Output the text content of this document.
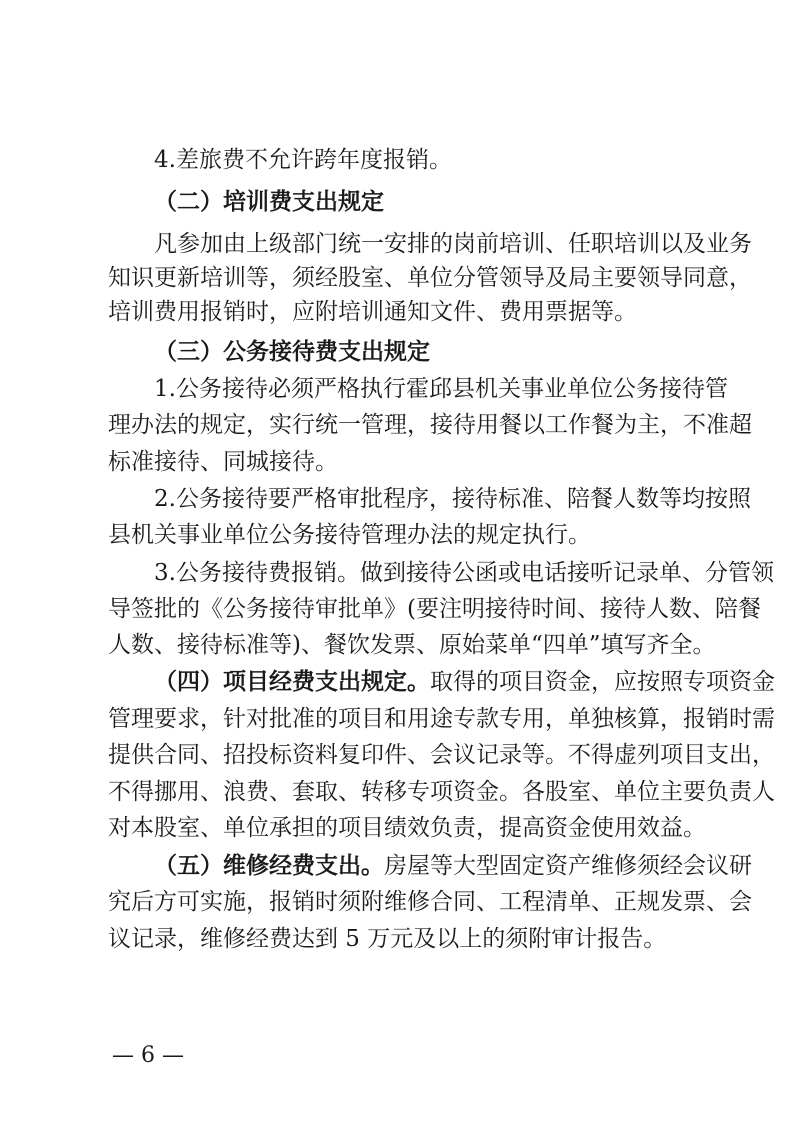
4.差旅费不允许跨年度报销。
（二）培训费支出规定
凡参加由上级部门统一安排的岗前培训、任职培训以及业务
知识更新培训等，须经股室、单位分管领导及局主要领导同意，
培训费用报销时，应附培训通知文件、费用票据等。
（三）公务接待费支出规定
1.公务接待必须严格执行霍邱县机关事业单位公务接待管
理办法的规定，实行统一管理，接待用餐以工作餐为主，不准超
标准接待、同城接待。
2.公务接待要严格审批程序，接待标准、陪餐人数等均按照
县机关事业单位公务接待管理办法的规定执行。
3.公务接待费报销。做到接待公函或电话接听记录单、分管领
导签批的《公务接待审批单》(要注明接待时间、接待人数、陪餐
人数、接待标准等)、餐饮发票、原始菜单“四单”填写齐全。
（四）项目经费支出规定。取得的项目资金，应按照专项资金
管理要求，针对批准的项目和用途专款专用，单独核算，报销时需
提供合同、招投标资料复印件、会议记录等。不得虚列项目支出，
不得挪用、浪费、套取、转移专项资金。各股室、单位主要负责人
对本股室、单位承担的项目绩效负责，提高资金使用效益。
（五）维修经费支出。房屋等大型固定资产维修须经会议研
究后方可实施，报销时须附维修合同、工程清单、正规发票、会
议记录，维修经费达到 5 万元及以上的须附审计报告。
— 6 —
